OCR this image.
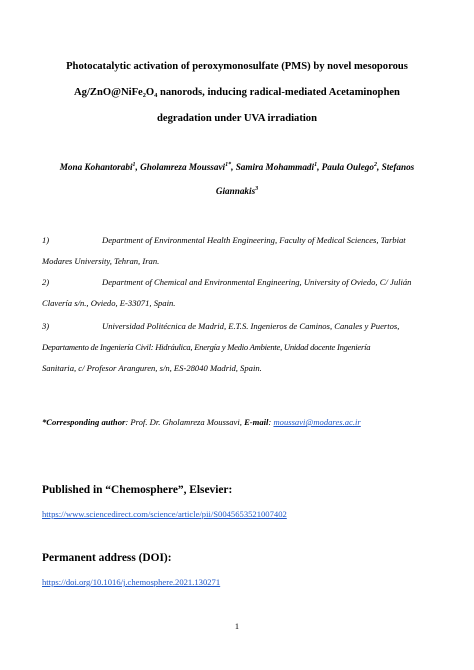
Photocatalytic activation of peroxymonosulfate (PMS) by novel mesoporous
Ag/ZnO@NiFe₂O₄ nanorods, inducing radical-mediated Acetaminophen
degradation under UVA irradiation
Mona Kohantorabi$^1$, Gholamreza Moussavi$^{1*}$, Samira Mohammadi$^1$, Paula Oulego$^2$, Stefanos
Giannakis$^3$
1)	Department of Environmental Health Engineering, Faculty of Medical Sciences, Tarbiat
Modares University, Tehran, Iran.
2)	Department of Chemical and Environmental Engineering, University of Oviedo, C/ Julián
Clavería s/n., Oviedo, E-33071, Spain.
3)	Universidad Politécnica de Madrid, E.T.S. Ingenieros de Caminos, Canales y Puertos,
Departamento de Ingeniería Civil: Hidráulica, Energía y Medio Ambiente, Unidad docente Ingeniería
Sanitaria, c/ Profesor Aranguren, s/n, ES-28040 Madrid, Spain.
*Corresponding author: Prof. Dr. Gholamreza Moussavi, E-mail: moussavi@modares.ac.ir
Published in “Chemosphere”, Elsevier:
https://www.sciencedirect.com/science/article/pii/S0045653521007402
Permanent address (DOI):
https://doi.org/10.1016/j.chemosphere.2021.130271
1
